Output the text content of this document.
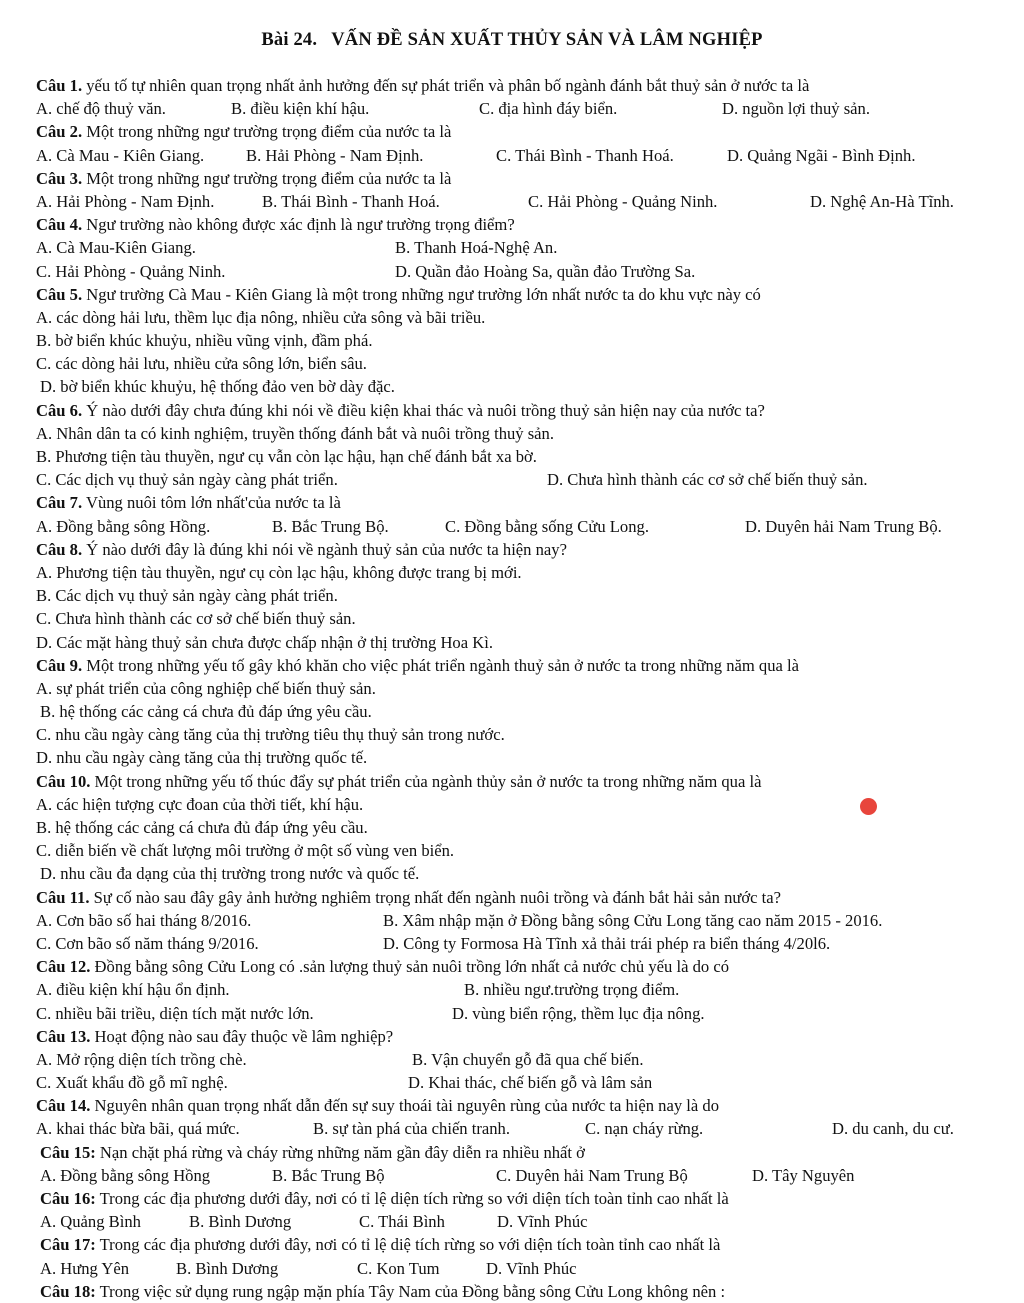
Bài 24. VẤN ĐỀ SẢN XUẤT THỦY SẢN VÀ LÂM NGHIỆP
Câu 1. yếu tố tự nhiên quan trọng nhất ảnh hưởng đến sự phát triển và phân bố ngành đánh bắt thuỷ sản ở nước ta là
A. chế độ thuỷ văn.	B. điều kiện khí hậu.	C. địa hình đáy biển.	D. nguồn lợi thuỷ sản.
Câu 2. Một trong những ngư trường trọng điểm của nước ta là
A. Cà Mau - Kiên Giang.	B. Hải Phòng - Nam Định.	C. Thái Bình - Thanh Hoá.	D. Quảng Ngãi - Bình Định.
Câu 3. Một trong những ngư trường trọng điểm của nước ta là
A. Hải Phòng - Nam Định.	B. Thái Bình - Thanh Hoá.	C. Hải Phòng - Quảng Ninh.	D. Nghệ An-Hà Tĩnh.
Câu 4. Ngư trường nào không được xác định là ngư trường trọng điểm?
A. Cà Mau-Kiên Giang.	B. Thanh Hoá-Nghệ An.
C. Hải Phòng - Quảng Ninh.	D. Quần đảo Hoàng Sa, quần đảo Trường Sa.
Câu 5. Ngư trường Cà Mau - Kiên Giang là một trong những ngư trường lớn nhất nước ta do khu vực này có
A. các dòng hải lưu, thềm lục địa nông, nhiều cửa sông và bãi triều.
B. bờ biển khúc khuỷu, nhiều vũng vịnh, đầm phá.
C. các dòng hải lưu, nhiều cửa sông lớn, biển sâu.
D. bờ biển khúc khuỷu, hệ thống đảo ven bờ dày đặc.
Câu 6. Ý nào dưới đây chưa đúng khi nói về điều kiện khai thác và nuôi trồng thuỷ sản hiện nay của nước ta?
A. Nhân dân ta có kinh nghiệm, truyền thống đánh bắt và nuôi trồng thuỷ sản.
B. Phương tiện tàu thuyền, ngư cụ vẫn còn lạc hậu, hạn chế đánh bắt xa bờ.
C. Các dịch vụ thuỷ sản ngày càng phát triển.	D. Chưa hình thành các cơ sở chế biến thuỷ sản.
Câu 7. Vùng nuôi tôm lớn nhất'của nước ta là
A. Đồng bằng sông Hồng.	B. Bắc Trung Bộ.	C. Đồng bằng sống Cửu Long.	D. Duyên hải Nam Trung Bộ.
Câu 8. Ý nào dưới đây là đúng khi nói về ngành thuỷ sản của nước ta hiện nay?
A. Phương tiện tàu thuyền, ngư cụ còn lạc hậu, không được trang bị mới.
B. Các dịch vụ thuỷ sản ngày càng phát triển.
C. Chưa hình thành các cơ sở chế biến thuỷ sản.
D. Các mặt hàng thuỷ sản chưa được chấp nhận ở thị trường Hoa Kì.
Câu 9. Một trong những yếu tố gây khó khăn cho việc phát triển ngành thuỷ sản ở nước ta trong những năm qua là
A. sự phát triển của công nghiệp chế biến thuỷ sản.
B. hệ thống các cảng cá chưa đủ đáp ứng yêu cầu.
C. nhu cầu ngày càng tăng của thị trường tiêu thụ thuỷ sản trong nước.
D. nhu cầu ngày càng tăng của thị trường quốc tế.
Câu 10. Một trong những yếu tố thúc đẩy sự phát triển của ngành thủy sản ở nước ta trong những năm qua là
A. các hiện tượng cực đoan của thời tiết, khí hậu.
B. hệ thống các cảng cá chưa đủ đáp ứng yêu cầu.
C. diễn biến về chất lượng môi trường ở một số vùng ven biển.
D. nhu cầu đa dạng của thị trường trong nước và quốc tế.
Câu 11. Sự cố nào sau đây gây ảnh hưởng nghiêm trọng nhất đến ngành nuôi trồng và đánh bắt hải sản nước ta?
A. Cơn bão số hai tháng 8/2016.	B. Xâm nhập mặn ở Đồng bằng sông Cửu Long tăng cao năm 2015 - 2016.
C. Cơn bão số năm tháng 9/2016.	D. Công ty Formosa Hà Tĩnh xả thải trái phép ra biển tháng 4/20l6.
Câu 12. Đồng bằng sông Cửu Long có .sản lượng thuỷ sản nuôi trồng lớn nhất cả nước chủ yếu là do có
A. điều kiện khí hậu ổn định.	B. nhiều ngư.trường trọng điểm.
C. nhiều bãi triều, diện tích mặt nước lớn.	D. vùng biển rộng, thềm lục địa nông.
Câu 13. Hoạt động nào sau đây thuộc về lâm nghiệp?
A. Mở rộng diện tích trồng chè.	B. Vận chuyển gỗ đã qua chế biến.
C. Xuất khẩu đồ gỗ mĩ nghệ.	D. Khai thác, chế biến gỗ và lâm sản
Câu 14. Nguyên nhân quan trọng nhất dẫn đến sự suy thoái tài nguyên rùng của nước ta hiện nay là do
A. khai thác bừa bãi, quá mức.	B. sự tàn phá của chiến tranh.	C. nạn cháy rừng.	D. du canh, du cư.
Câu 15: Nạn chặt phá rừng và cháy rừng những năm gần đây diễn ra nhiều nhất ở
A. Đồng bằng sông Hồng	B. Bắc Trung Bộ	C. Duyên hải Nam Trung Bộ	D. Tây Nguyên
Câu 16: Trong các địa phương dưới đây, nơi có tỉ lệ diện tích rừng so với diện tích toàn tỉnh cao nhất là
A. Quảng Bình	B. Bình Dương	C. Thái Bình	D. Vĩnh Phúc
Câu 17: Trong các địa phương dưới đây, nơi có tỉ lệ diệ tích rừng so với diện tích toàn tỉnh cao nhất là
A. Hưng Yên	B. Bình Dương	C. Kon Tum	D. Vĩnh Phúc
Câu 18: Trong việc sử dụng rung ngập mặn phía Tây Nam của Đồng bằng sông Cửu Long không nên :
